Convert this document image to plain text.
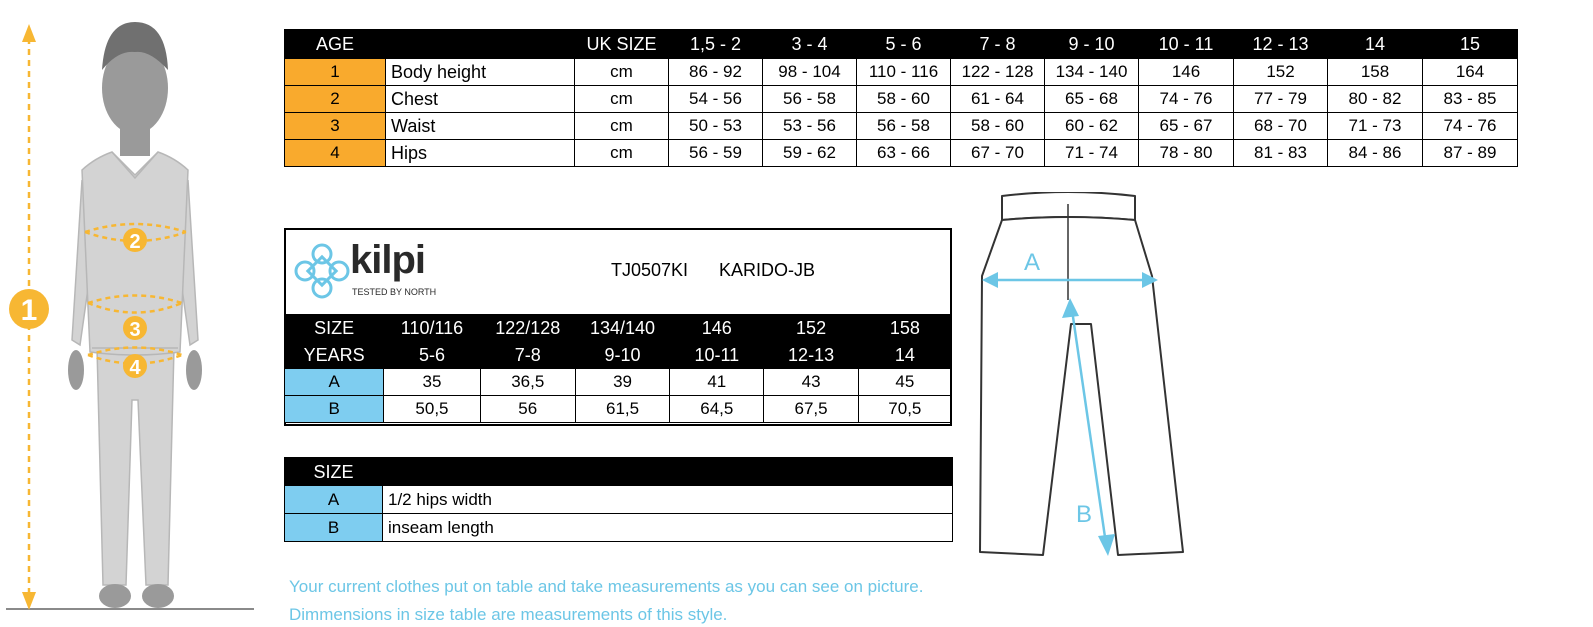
1
2
3
4
AGE		UK SIZE	1,5 - 2	3 - 4	5 - 6	7 - 8	9 - 10	10 - 11	12 - 13	14	15
1	Body height	cm	86 - 92	98 - 104	110 - 116	122 - 128	134 - 140	146	152	158	164
2	Chest	cm	54 - 56	56 - 58	58 - 60	61 - 64	65 - 68	74 - 76	77 - 79	80 - 82	83 - 85
3	Waist	cm	50 - 53	53 - 56	56 - 58	58 - 60	60 - 62	65 - 67	68 - 70	71 - 73	74 - 76
4	Hips	cm	56 - 59	59 - 62	63 - 66	67 - 70	71 - 74	78 - 80	81 - 83	84 - 86	87 - 89
kilpi
TESTED BY NORTH
TJ0507KI KARIDO-JB
SIZE	110/116	122/128	134/140	146	152	158
YEARS	5-6	7-8	9-10	10-11	12-13	14
A	35	36,5	39	41	43	45
B	50,5	56	61,5	64,5	67,5	70,5
SIZE	
A	1/2 hips width
B	inseam length
Your current clothes put on table and take measurements as you can see on picture.
Dimmensions in size table are measurements of this style.
A
B
